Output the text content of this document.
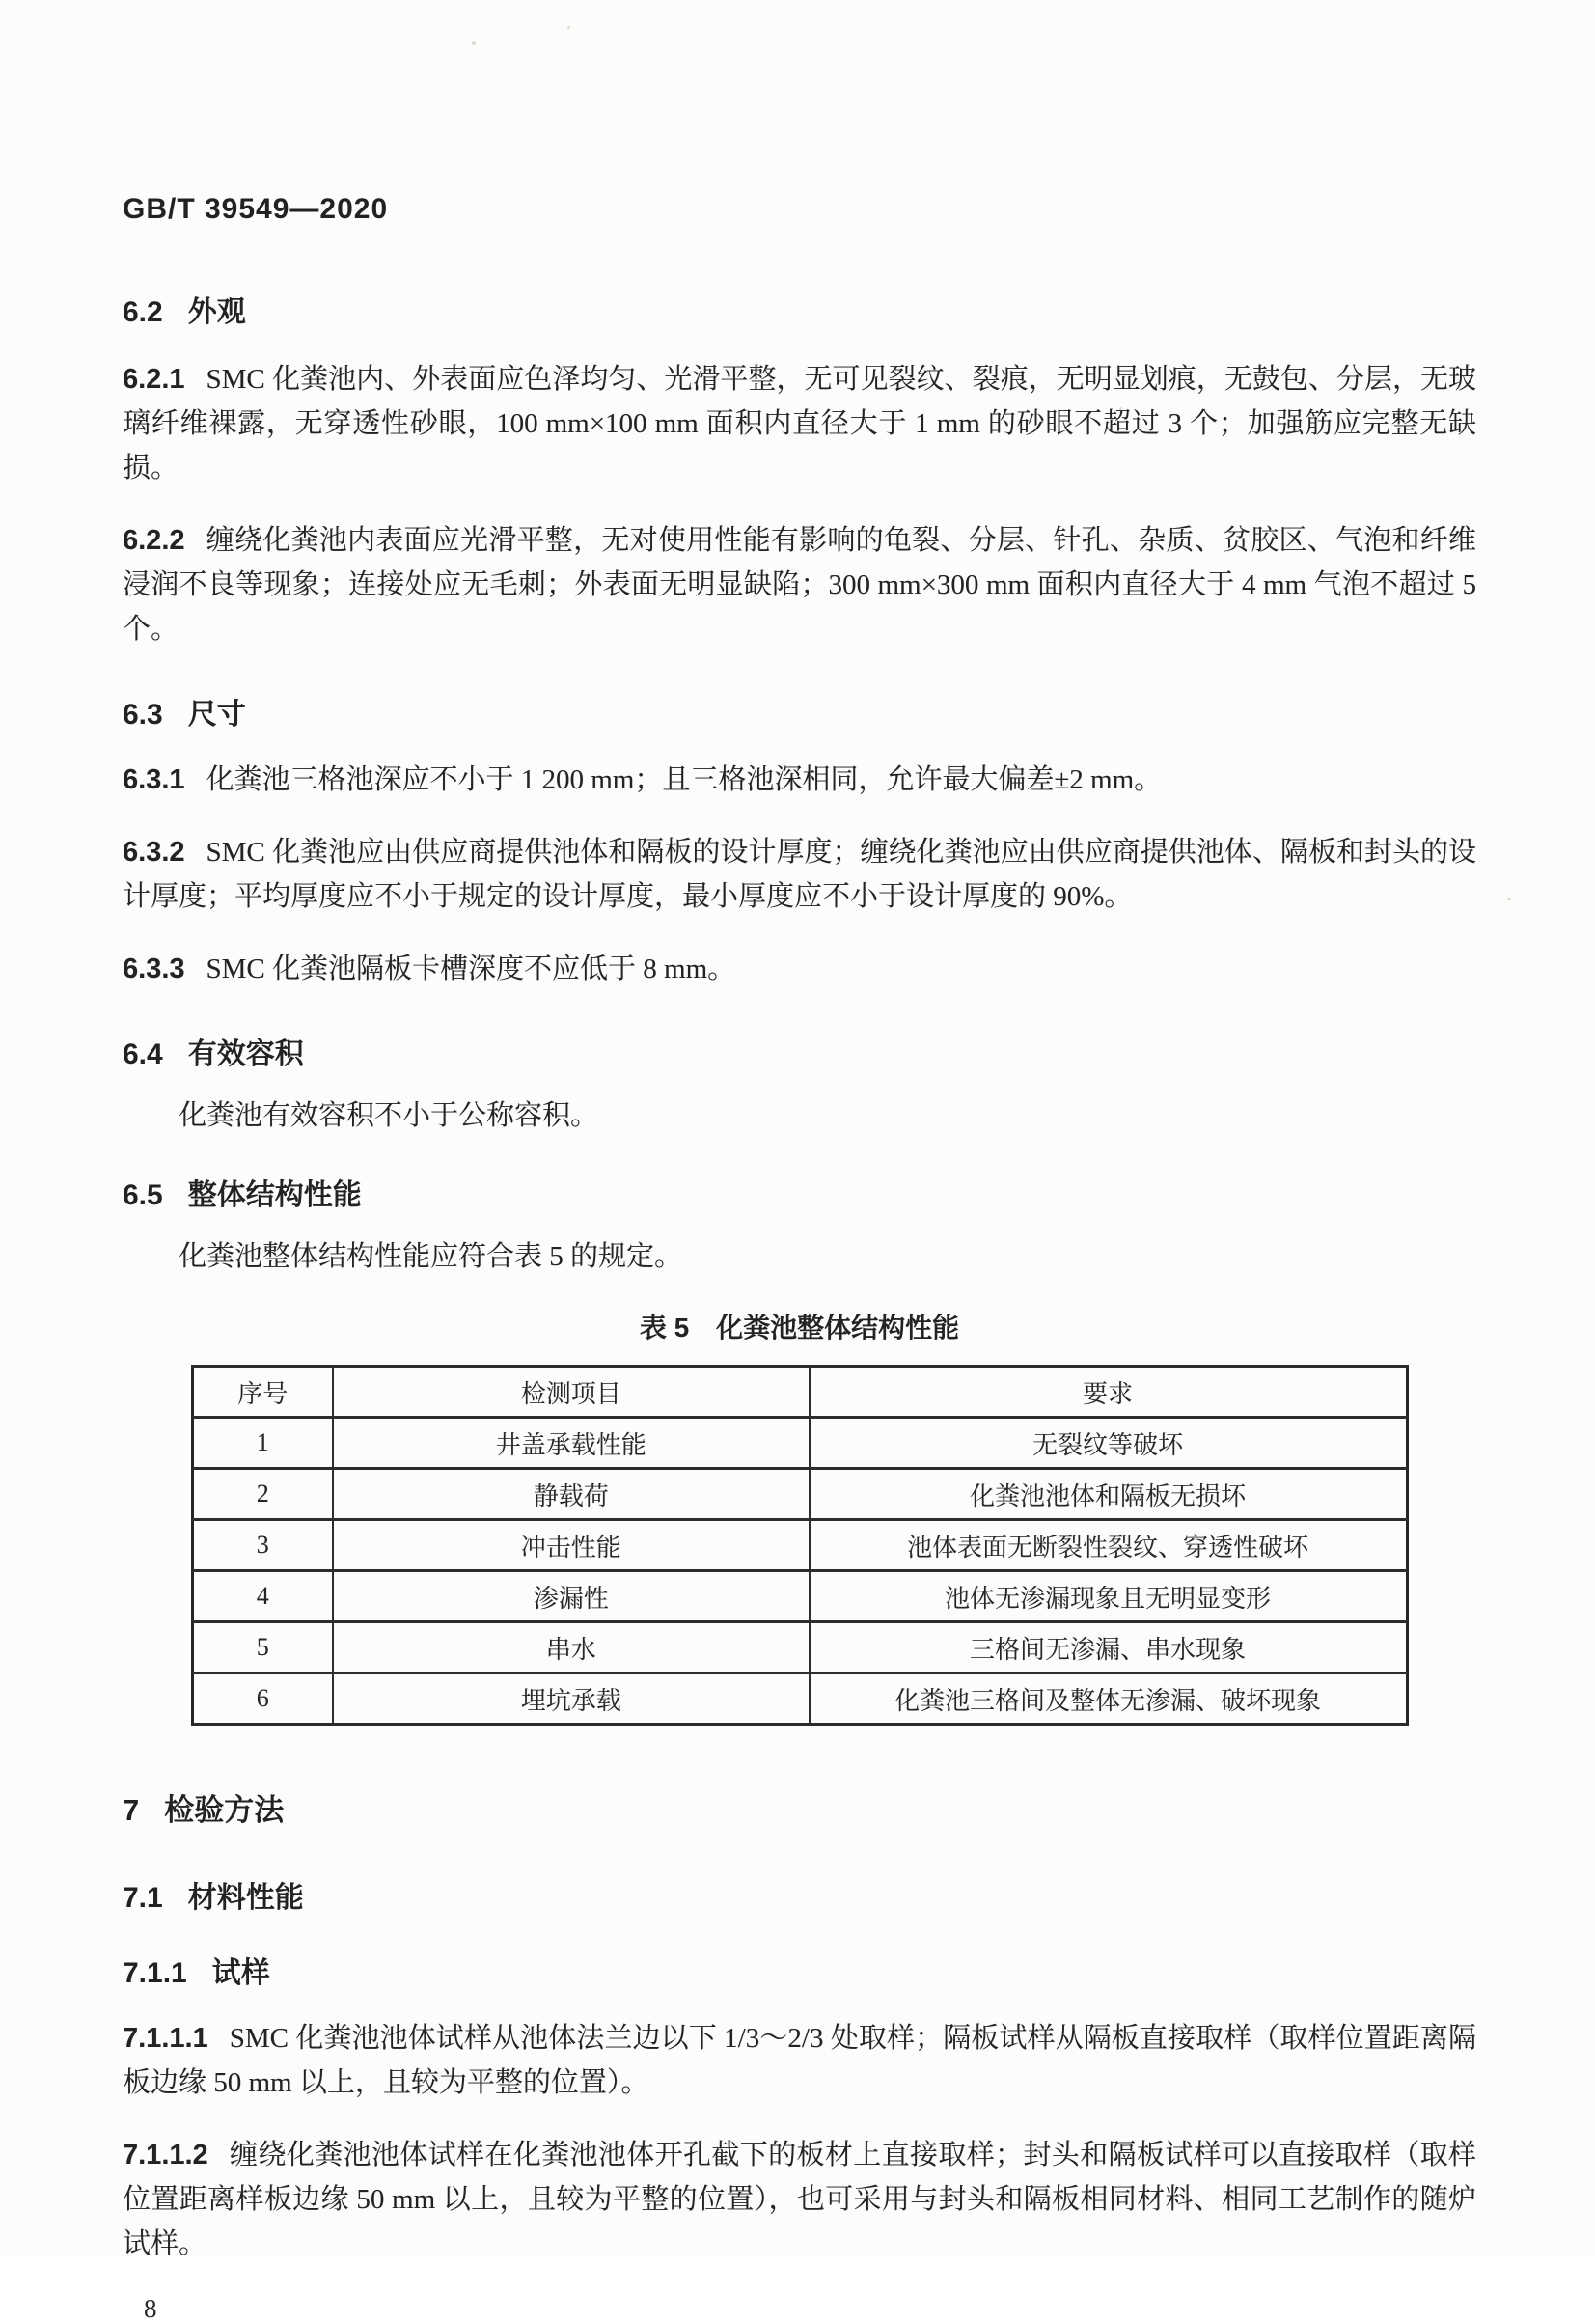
GB/T 39549—2020
6.2 外观

6.2.1 SMC 化粪池内、外表面应色泽均匀、光滑平整，无可见裂纹、裂痕，无明显划痕，无鼓包、分层，无玻璃纤维裸露，无穿透性砂眼，100 mm×100 mm 面积内直径大于 1 mm 的砂眼不超过 3 个；加强筋应完整无缺损。

6.2.2 缠绕化粪池内表面应光滑平整，无对使用性能有影响的龟裂、分层、针孔、杂质、贫胶区、气泡和纤维浸润不良等现象；连接处应无毛刺；外表面无明显缺陷；300 mm×300 mm 面积内直径大于 4 mm 气泡不超过 5 个。

6.3 尺寸

6.3.1 化粪池三格池深应不小于 1 200 mm；且三格池深相同，允许最大偏差±2 mm。

6.3.2 SMC 化粪池应由供应商提供池体和隔板的设计厚度；缠绕化粪池应由供应商提供池体、隔板和封头的设计厚度；平均厚度应不小于规定的设计厚度，最小厚度应不小于设计厚度的 90%。

6.3.3 SMC 化粪池隔板卡槽深度不应低于 8 mm。

6.4 有效容积

化粪池有效容积不小于公称容积。

6.5 整体结构性能

化粪池整体结构性能应符合表 5 的规定。

表 5 化粪池整体结构性能
序号	检测项目	要求
1	井盖承载性能	无裂纹等破坏
2	静载荷	化粪池池体和隔板无损坏
3	冲击性能	池体表面无断裂性裂纹、穿透性破坏
4	渗漏性	池体无渗漏现象且无明显变形
5	串水	三格间无渗漏、串水现象
6	埋坑承载	化粪池三格间及整体无渗漏、破坏现象
7 检验方法
7.1 材料性能
7.1.1 试样

7.1.1.1 SMC 化粪池池体试样从池体法兰边以下 1/3～2/3 处取样；隔板试样从隔板直接取样（取样位置距离隔板边缘 50 mm 以上，且较为平整的位置）。

7.1.1.2 缠绕化粪池池体试样在化粪池池体开孔截下的板材上直接取样；封头和隔板试样可以直接取样（取样位置距离样板边缘 50 mm 以上，且较为平整的位置），也可采用与封头和隔板相同材料、相同工艺制作的随炉试样。

8
